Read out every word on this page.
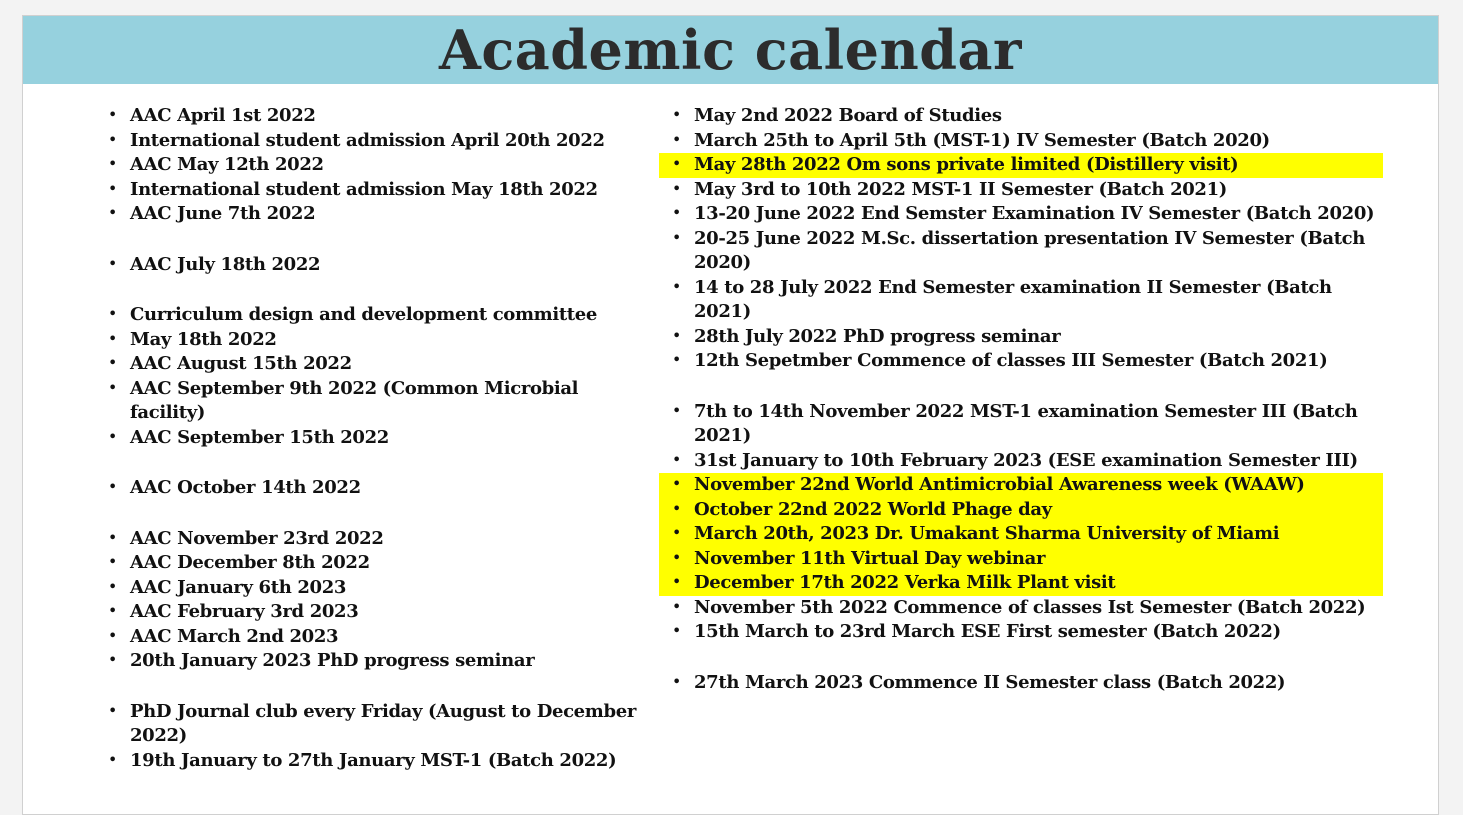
Academic calendar
• AAC April 1st 2022
• International student admission April 20th 2022
• AAC May 12th 2022
• International student admission May 18th 2022
• AAC June 7th 2022
• AAC July 18th 2022
• Curriculum design and development committee
• May 18th 2022
• AAC August 15th 2022
• AAC September 9th 2022 (Common Microbial facility)
• AAC September 15th 2022
• AAC October 14th 2022
• AAC November 23rd 2022
• AAC December 8th 2022
• AAC January 6th 2023
• AAC February 3rd 2023
• AAC March 2nd 2023
• 20th January 2023 PhD progress seminar
• PhD Journal club every Friday (August to December 2022)
• 19th January to 27th January MST-1 (Batch 2022)
• May 2nd 2022 Board of Studies
• March 25th to April 5th (MST-1) IV Semester (Batch 2020)
• May 28th 2022 Om sons private limited (Distillery visit)
• May 3rd to 10th 2022 MST-1 II Semester (Batch 2021)
• 13-20 June 2022 End Semster Examination IV Semester (Batch 2020)
• 20-25 June 2022 M.Sc. dissertation presentation IV Semester (Batch 2020)
• 14 to 28 July 2022 End Semester examination II Semester (Batch 2021)
• 28th July 2022 PhD progress seminar
• 12th Sepetmber Commence of classes III Semester (Batch 2021)
• 7th to 14th November 2022 MST-1 examination Semester III (Batch 2021)
• 31st January to 10th February 2023 (ESE examination Semester III)
• November 22nd World Antimicrobial Awareness week (WAAW)
• October 22nd 2022 World Phage day
• March 20th, 2023 Dr. Umakant Sharma University of Miami
• November 11th Virtual Day webinar
• December 17th 2022 Verka Milk Plant visit
• November 5th 2022 Commence of classes Ist Semester (Batch 2022)
• 15th March to 23rd March ESE First semester (Batch 2022)
• 27th March 2023 Commence II Semester class (Batch 2022)
